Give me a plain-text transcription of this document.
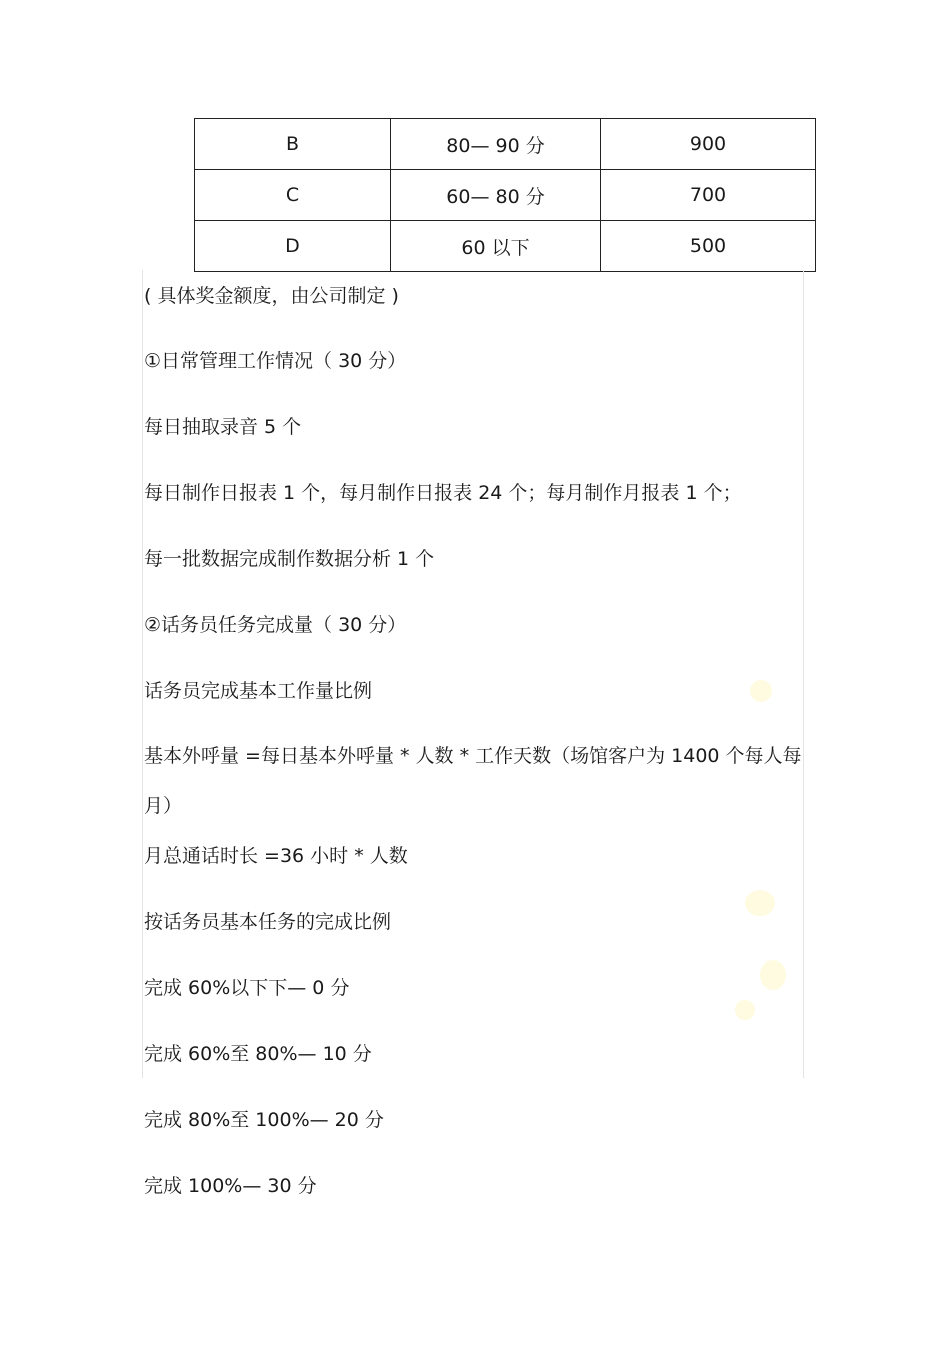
B	80— 90 分	900
C	60— 80 分	700
D	60 以下	500

( 具体奖金额度，由公司制定 )

①日常管理工作情况（ 30 分）

每日抽取录音 5 个

每日制作日报表 1 个，每月制作日报表 24 个；每月制作月报表 1 个；

每一批数据完成制作数据分析 1 个

②话务员任务完成量（ 30 分）

话务员完成基本工作量比例

基本外呼量 =每日基本外呼量 * 人数 * 工作天数（场馆客户为 1400 个每人每月）

月总通话时长 =36 小时 * 人数

按话务员基本任务的完成比例

完成 60%以下下— 0 分

完成 60%至 80%— 10 分

完成 80%至 100%— 20 分

完成 100%— 30 分
